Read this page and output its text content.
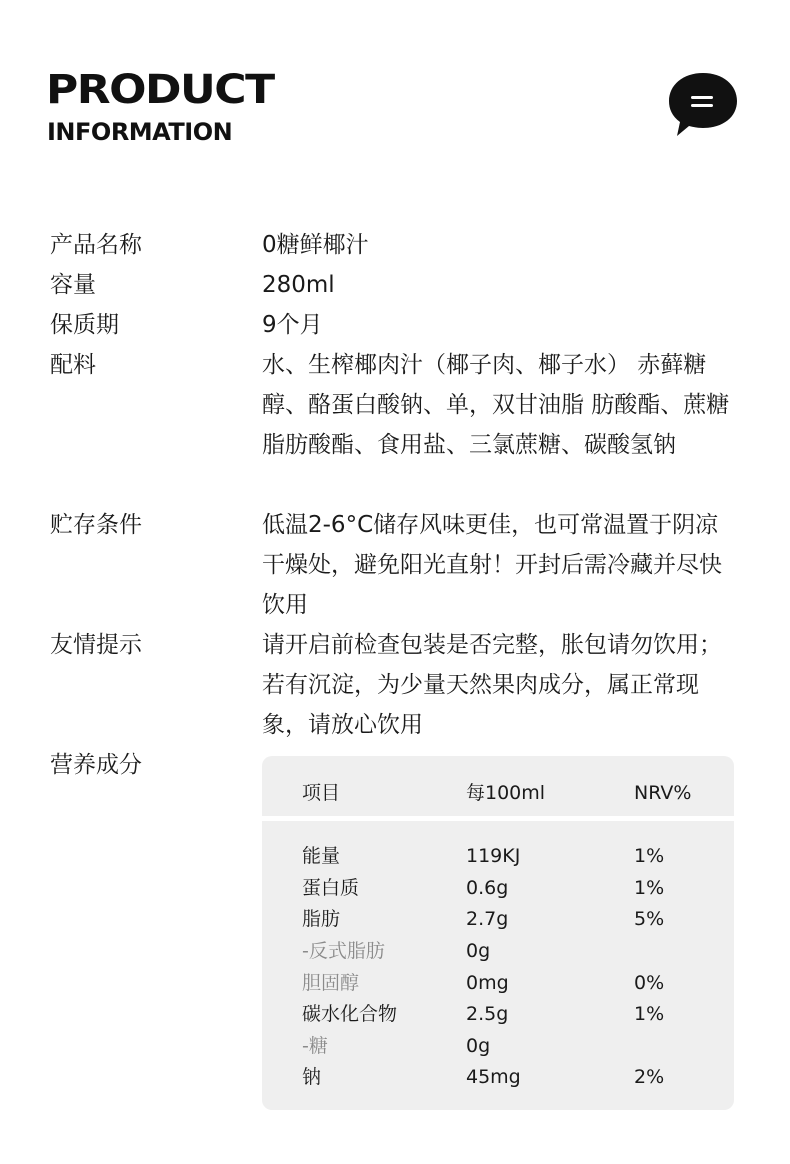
PRODUCT
INFORMATION
产品名称	0糖鲜椰汁
容量	280ml
保质期	9个月
配料	水、生榨椰肉汁（椰子肉、椰子水） 赤藓糖醇、酪蛋白酸钠、单，双甘油脂 肪酸酯、蔗糖脂肪酸酯、食用盐、三氯蔗糖、碳酸氢钠
贮存条件	低温2-6°C储存风味更佳，也可常温置于阴凉干燥处，避免阳光直射！开封后需冷藏并尽快饮用
友情提示	请开启前检查包装是否完整，胀包请勿饮用；若有沉淀，为少量天然果肉成分，属正常现象，请放心饮用
营养成分
项目	每100ml	NRV%
能量	119KJ	1%
蛋白质	0.6g	1%
脂肪	2.7g	5%
-反式脂肪	0g
胆固醇	0mg	0%
碳水化合物	2.5g	1%
-糖	0g
钠	45mg	2%
